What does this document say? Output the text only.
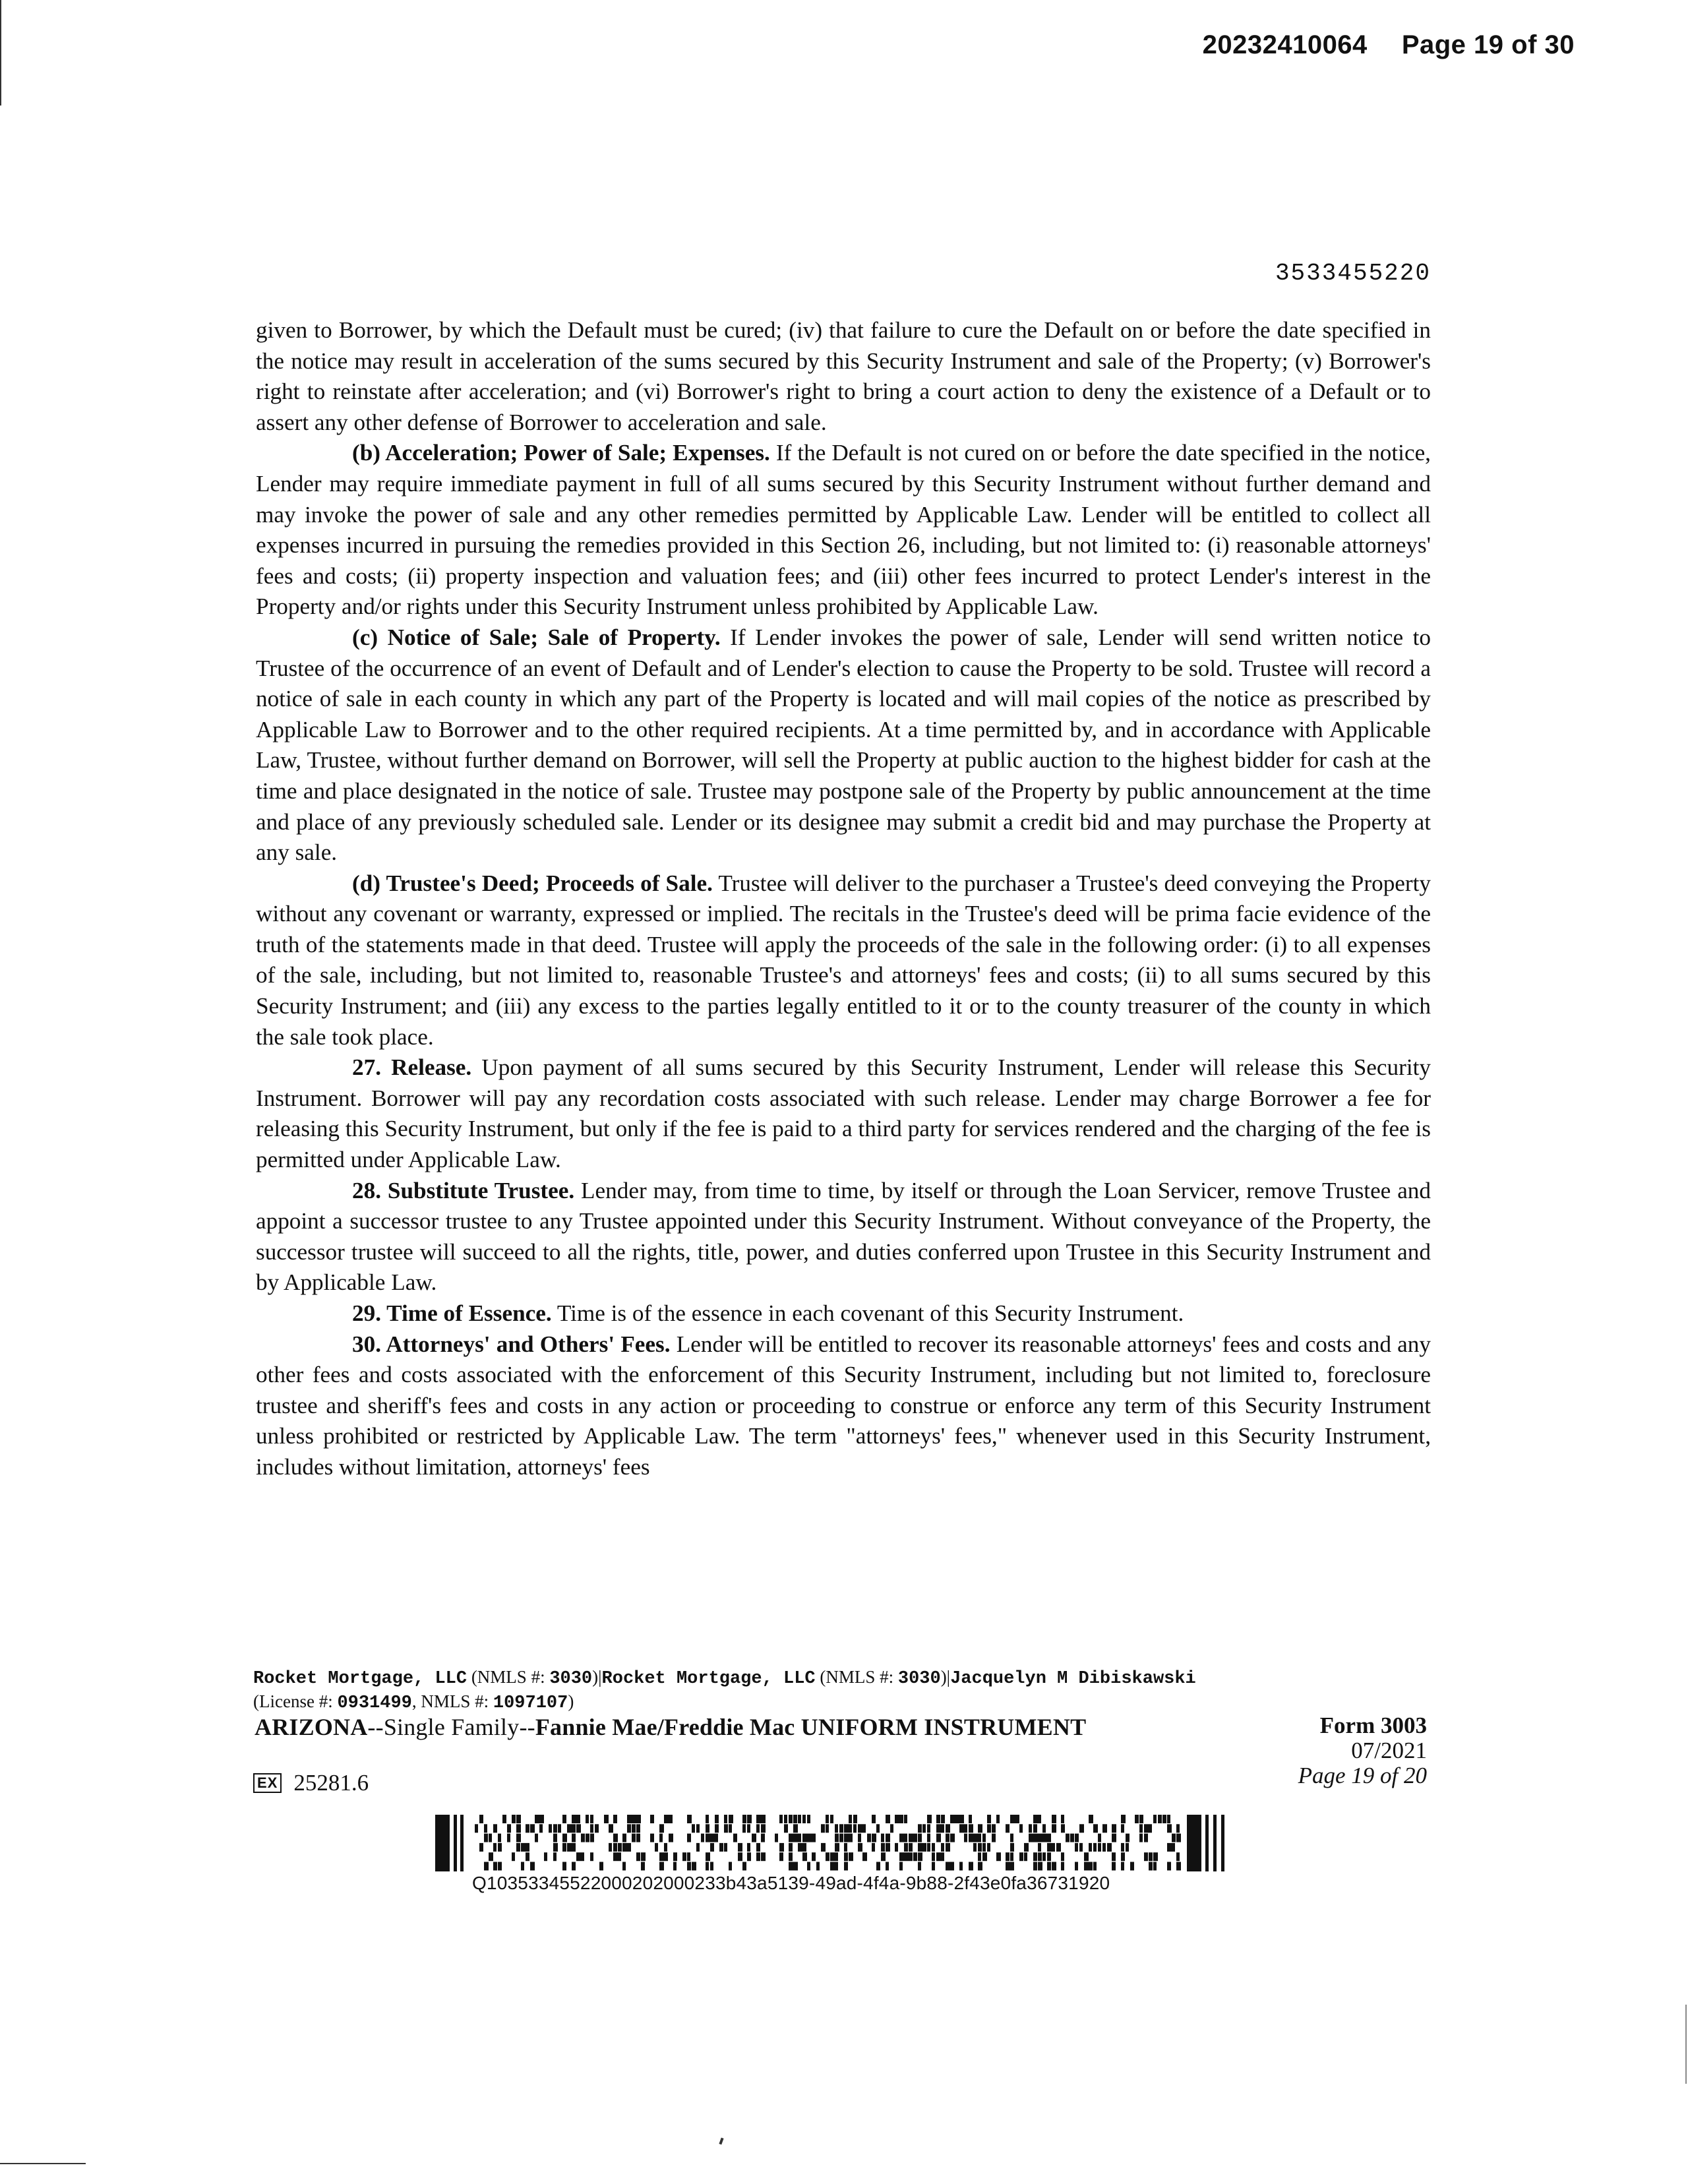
20232410064 Page 19 of 30
3533455220

given to Borrower, by which the Default must be cured; (iv) that failure to cure the Default on or before the date specified in the notice may result in acceleration of the sums secured by this Security Instrument and sale of the Property; (v) Borrower's right to reinstate after acceleration; and (vi) Borrower's right to bring a court action to deny the existence of a Default or to assert any other defense of Borrower to acceleration and sale.

(b) Acceleration; Power of Sale; Expenses. If the Default is not cured on or before the date specified in the notice, Lender may require immediate payment in full of all sums secured by this Security Instrument without further demand and may invoke the power of sale and any other remedies permitted by Applicable Law. Lender will be entitled to collect all expenses incurred in pursuing the remedies provided in this Section 26, including, but not limited to: (i) reasonable attorneys' fees and costs; (ii) property inspection and valuation fees; and (iii) other fees incurred to protect Lender's interest in the Property and/or rights under this Security Instrument unless prohibited by Applicable Law.

(c) Notice of Sale; Sale of Property. If Lender invokes the power of sale, Lender will send written notice to Trustee of the occurrence of an event of Default and of Lender's election to cause the Property to be sold. Trustee will record a notice of sale in each county in which any part of the Property is located and will mail copies of the notice as prescribed by Applicable Law to Borrower and to the other required recipients. At a time permitted by, and in accordance with Applicable Law, Trustee, without further demand on Borrower, will sell the Property at public auction to the highest bidder for cash at the time and place designated in the notice of sale. Trustee may postpone sale of the Property by public announcement at the time and place of any previously scheduled sale. Lender or its designee may submit a credit bid and may purchase the Property at any sale.

(d) Trustee's Deed; Proceeds of Sale. Trustee will deliver to the purchaser a Trustee's deed conveying the Property without any covenant or warranty, expressed or implied. The recitals in the Trustee's deed will be prima facie evidence of the truth of the statements made in that deed. Trustee will apply the proceeds of the sale in the following order: (i) to all expenses of the sale, including, but not limited to, reasonable Trustee's and attorneys' fees and costs; (ii) to all sums secured by this Security Instrument; and (iii) any excess to the parties legally entitled to it or to the county treasurer of the county in which the sale took place.

27. Release. Upon payment of all sums secured by this Security Instrument, Lender will release this Security Instrument. Borrower will pay any recordation costs associated with such release. Lender may charge Borrower a fee for releasing this Security Instrument, but only if the fee is paid to a third party for services rendered and the charging of the fee is permitted under Applicable Law.

28. Substitute Trustee. Lender may, from time to time, by itself or through the Loan Servicer, remove Trustee and appoint a successor trustee to any Trustee appointed under this Security Instrument. Without conveyance of the Property, the successor trustee will succeed to all the rights, title, power, and duties conferred upon Trustee in this Security Instrument and by Applicable Law.

29. Time of Essence. Time is of the essence in each covenant of this Security Instrument.

30. Attorneys' and Others' Fees. Lender will be entitled to recover its reasonable attorneys' fees and costs and any other fees and costs associated with the enforcement of this Security Instrument, including but not limited to, foreclosure trustee and sheriff's fees and costs in any action or proceeding to construe or enforce any term of this Security Instrument unless prohibited or restricted by Applicable Law. The term "attorneys' fees," whenever used in this Security Instrument, includes without limitation, attorneys' fees

Rocket Mortgage, LLC (NMLS #: 3030)|Rocket Mortgage, LLC (NMLS #: 3030)|Jacquelyn M Dibiskawski
(License #: 0931499, NMLS #: 1097107)
ARIZONA--Single Family--Fannie Mae/Freddie Mac UNIFORM INSTRUMENT	Form 3003
07/2021
Page 19 of 20
EX 25281.6
Q10353345522000202000233b43a5139-49ad-4f4a-9b88-2f43e0fa36731920
